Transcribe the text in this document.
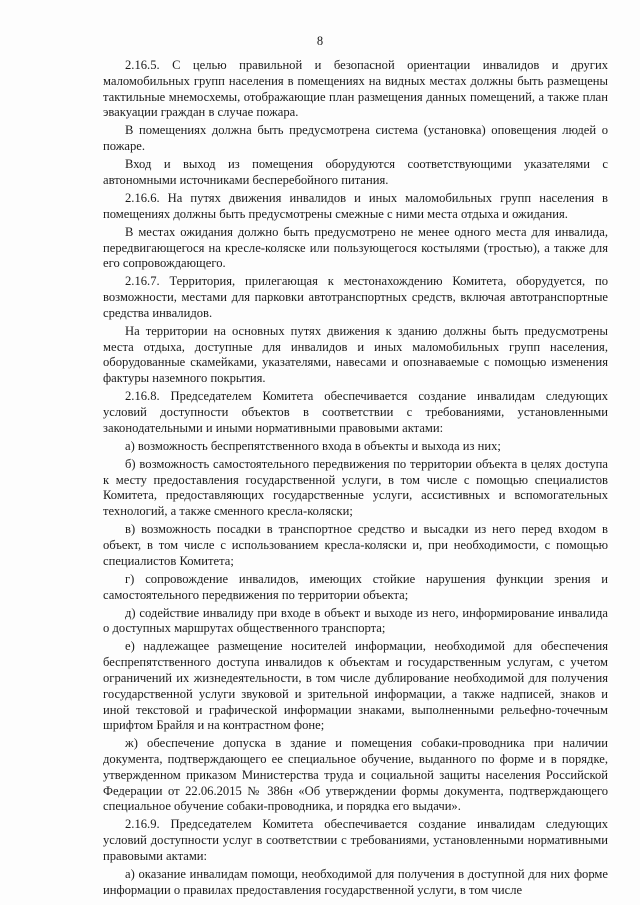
8

2.16.5. С целью правильной и безопасной ориентации инвалидов и других маломобильных групп населения в помещениях на видных местах должны быть размещены тактильные мнемосхемы, отображающие план размещения данных помещений, а также план эвакуации граждан в случае пожара.

В помещениях должна быть предусмотрена система (установка) оповещения людей о пожаре.

Вход и выход из помещения оборудуются соответствующими указателями с автономными источниками бесперебойного питания.

2.16.6. На путях движения инвалидов и иных маломобильных групп населения в помещениях должны быть предусмотрены смежные с ними места отдыха и ожидания.

В местах ожидания должно быть предусмотрено не менее одного места для инвалида, передвигающегося на кресле-коляске или пользующегося костылями (тростью), а также для его сопровождающего.

2.16.7. Территория, прилегающая к местонахождению Комитета, оборудуется, по возможности, местами для парковки автотранспортных средств, включая автотранспортные средства инвалидов.

На территории на основных путях движения к зданию должны быть предусмотрены места отдыха, доступные для инвалидов и иных маломобильных групп населения, оборудованные скамейками, указателями, навесами и опознаваемые с помощью изменения фактуры наземного покрытия.

2.16.8. Председателем Комитета обеспечивается создание инвалидам следующих условий доступности объектов в соответствии с требованиями, установленными законодательными и иными нормативными правовыми актами:

а) возможность беспрепятственного входа в объекты и выхода из них;

б) возможность самостоятельного передвижения по территории объекта в целях доступа к месту предоставления государственной услуги, в том числе с помощью специалистов Комитета, предоставляющих государственные услуги, ассистивных и вспомогательных технологий, а также сменного кресла-коляски;

в) возможность посадки в транспортное средство и высадки из него перед входом в объект, в том числе с использованием кресла-коляски и, при необходимости, с помощью специалистов Комитета;

г) сопровождение инвалидов, имеющих стойкие нарушения функции зрения и самостоятельного передвижения по территории объекта;

д) содействие инвалиду при входе в объект и выходе из него, информирование инвалида о доступных маршрутах общественного транспорта;

е) надлежащее размещение носителей информации, необходимой для обеспечения беспрепятственного доступа инвалидов к объектам и государственным услугам, с учетом ограничений их жизнедеятельности, в том числе дублирование необходимой для получения государственной услуги звуковой и зрительной информации, а также надписей, знаков и иной текстовой и графической информации знаками, выполненными рельефно-точечным шрифтом Брайля и на контрастном фоне;

ж) обеспечение допуска в здание и помещения собаки-проводника при наличии документа, подтверждающего ее специальное обучение, выданного по форме и в порядке, утвержденном приказом Министерства труда и социальной защиты населения Российской Федерации от 22.06.2015 № 386н «Об утверждении формы документа, подтверждающего специальное обучение собаки-проводника, и порядка его выдачи».

2.16.9. Председателем Комитета обеспечивается создание инвалидам следующих условий доступности услуг в соответствии с требованиями, установленными нормативными правовыми актами:

а) оказание инвалидам помощи, необходимой для получения в доступной для них форме информации о правилах предоставления государственной услуги, в том числе
